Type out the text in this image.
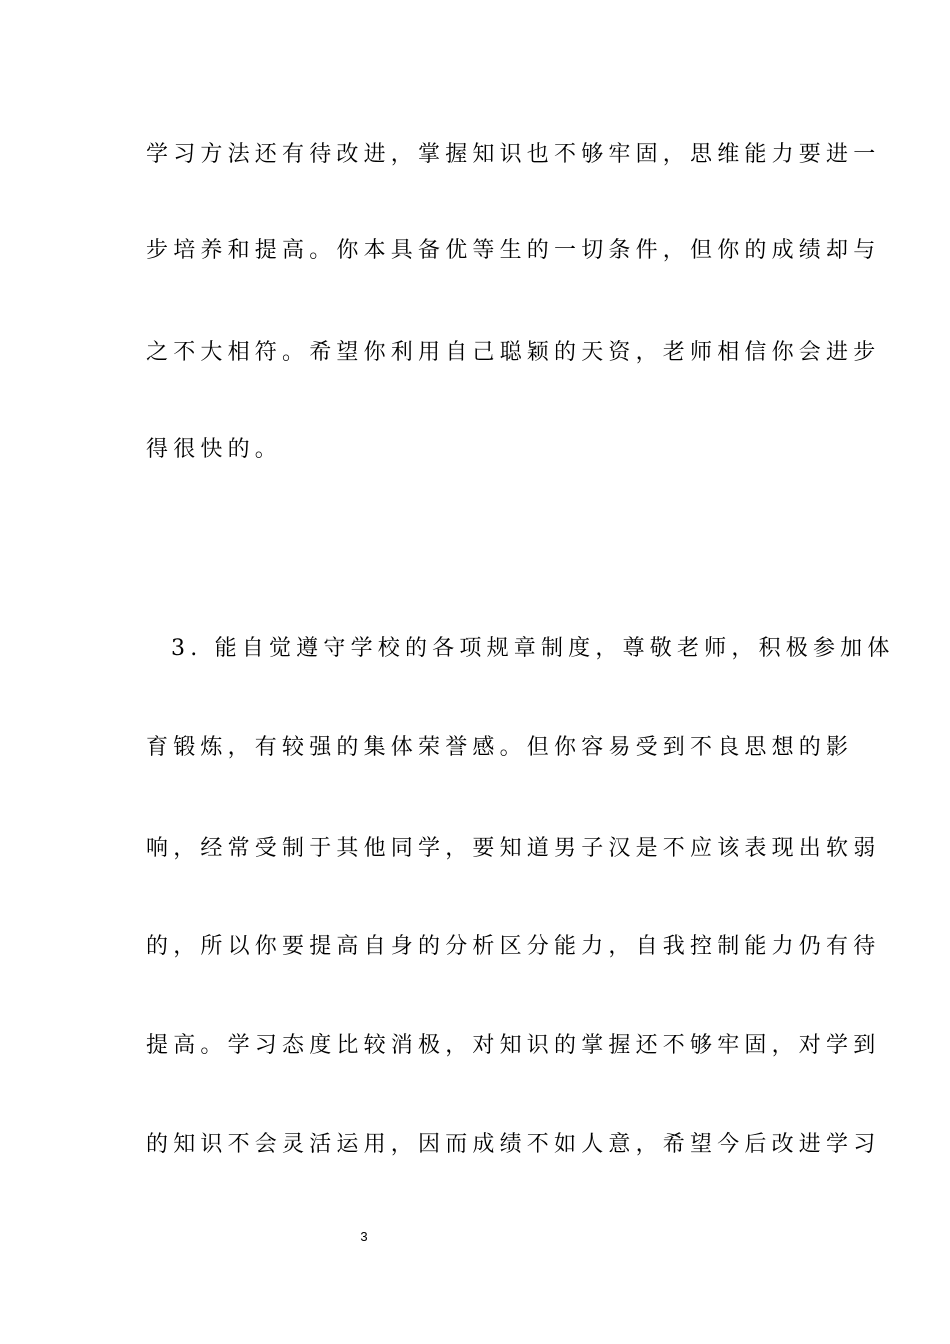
学习方法还有待改进，掌握知识也不够牢固，思维能力要进一
步培养和提高。你本具备优等生的一切条件，但你的成绩却与
之不大相符。希望你利用自己聪颖的天资，老师相信你会进步
得很快的。
3. 能自觉遵守学校的各项规章制度，尊敬老师，积极参加体
育锻炼，有较强的集体荣誉感。但你容易受到不良思想的影
响，经常受制于其他同学，要知道男子汉是不应该表现出软弱
的，所以你要提高自身的分析区分能力，自我控制能力仍有待
提高。学习态度比较消极，对知识的掌握还不够牢固，对学到
的知识不会灵活运用，因而成绩不如人意，希望今后改进学习
3
